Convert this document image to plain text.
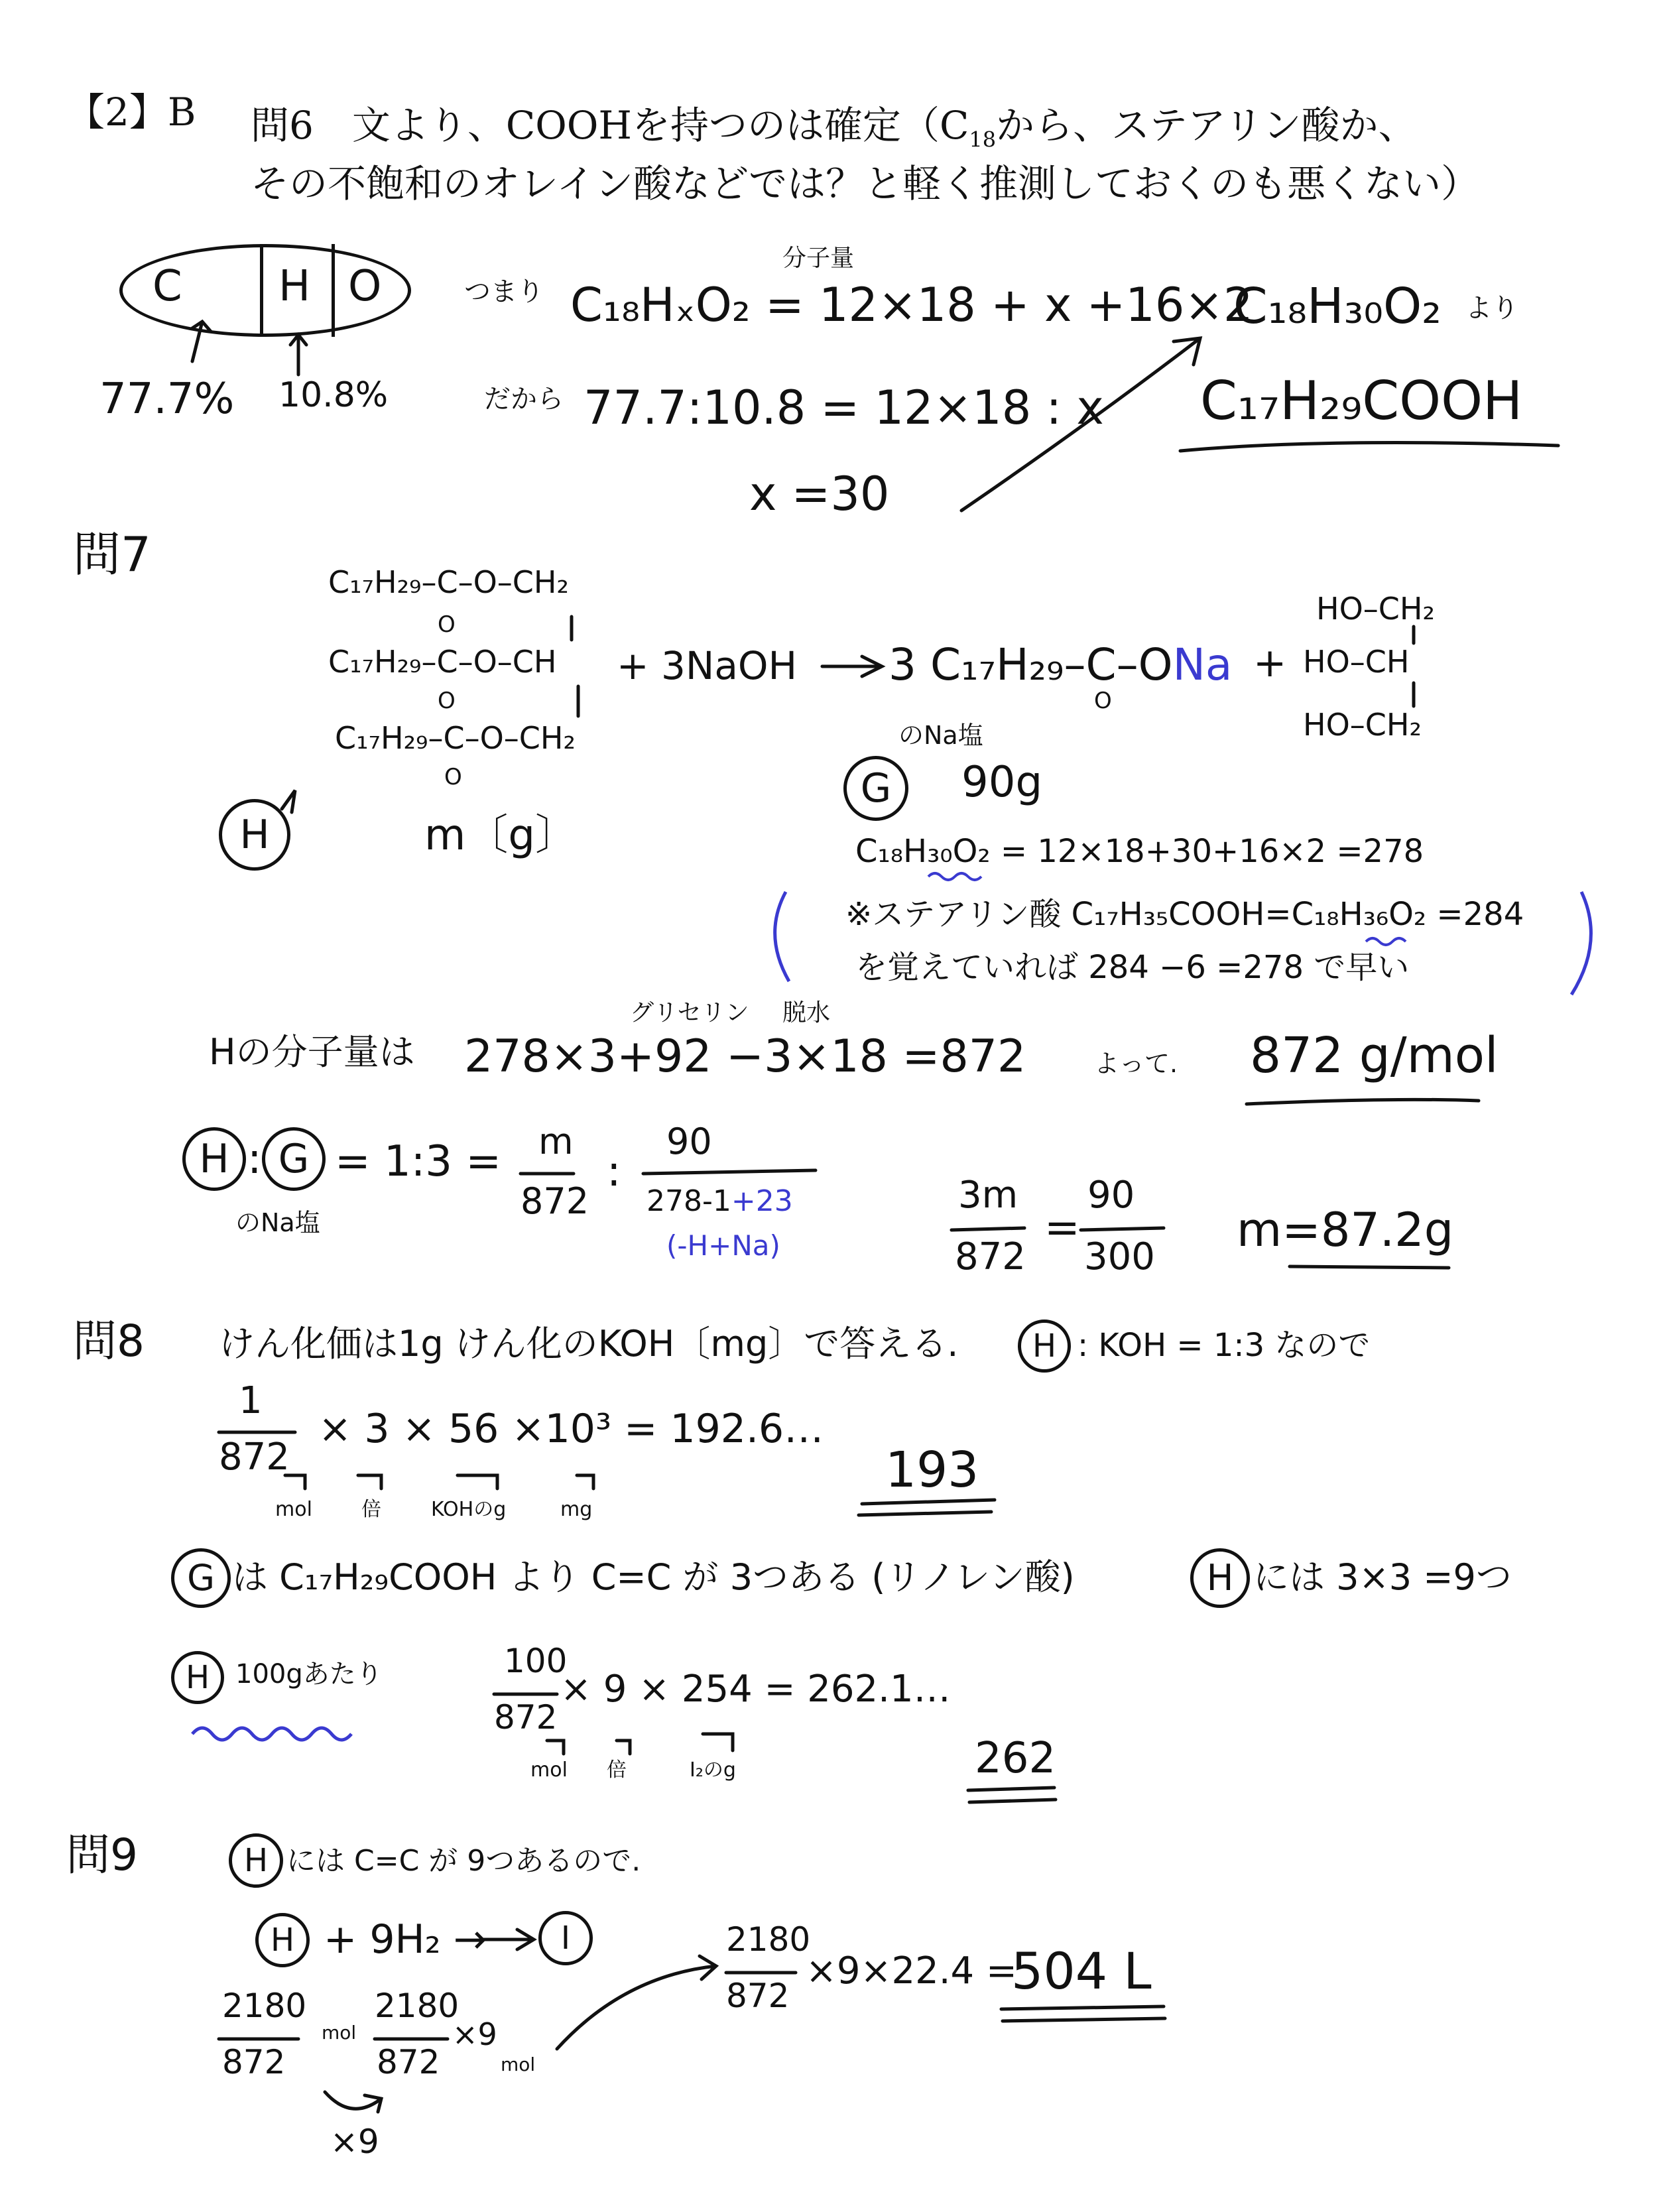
【2】B 問6　文より、COOHを持つのは確定（$C_{18}$から、ステアリン酸か、
その不飽和のオレイン酸などでは？と軽く推測しておくのも悪くない）
C H O
77.7% 10.8%
つまり
分子量
C₁₈HₓO₂ = 12×18 + x +16×2
だから 77.7:10.8 = 12×18 : x
x =30
C₁₈H₃₀O₂ より
C₁₇H₂₉COOH
問7	C₁₇H₂₉–C–O–CH₂
O
C₁₇H₂₉–C–O–CH
O
C₁₇H₂₉–C–O–CH₂
O
+ 3NaOH 3 C₁₇H₂₉–C–ONa
O
+
HO–CH₂
HO–CH
HO–CH₂
H	m〔g〕
G
のNa塩
90g
C₁₈H₃₀O₂ = 12×18+30+16×2 =278
※ステアリン酸 C₁₇H₃₅COOH=C₁₈H₃₆O₂ =284
を覚えていれば 284 −6 =278 で早い
Hの分子量は
グリセリン 脱水
278×3+92 −3×18 =872	よって. 872 g/mol
H : G
のNa塩
= 1:3 = m
872
:
90
278-1+23
(-H+Na)
3m
872
=
90
300 m=87.2g
問8 けん化価は1g けん化のKOH〔mg〕で答える.	H : KOH = 1:3 なので
1
872
× 3 × 56 ×10³ = 192.6…
mol 倍	KOHのg	mg
193
G は C₁₇H₂₉COOH より C=C が 3つある (リノレン酸)	H には 3×3 =9つ
H 100gあたり	100
872
× 9 × 254 = 262.1…
mol 倍	I₂のg	262
問9	H には C=C が 9つあるので.
H + 9H₂ →	I
2180
872
mol
2180
872
×9
mol
×9
2180
872
×9×22.4 =
504 L
